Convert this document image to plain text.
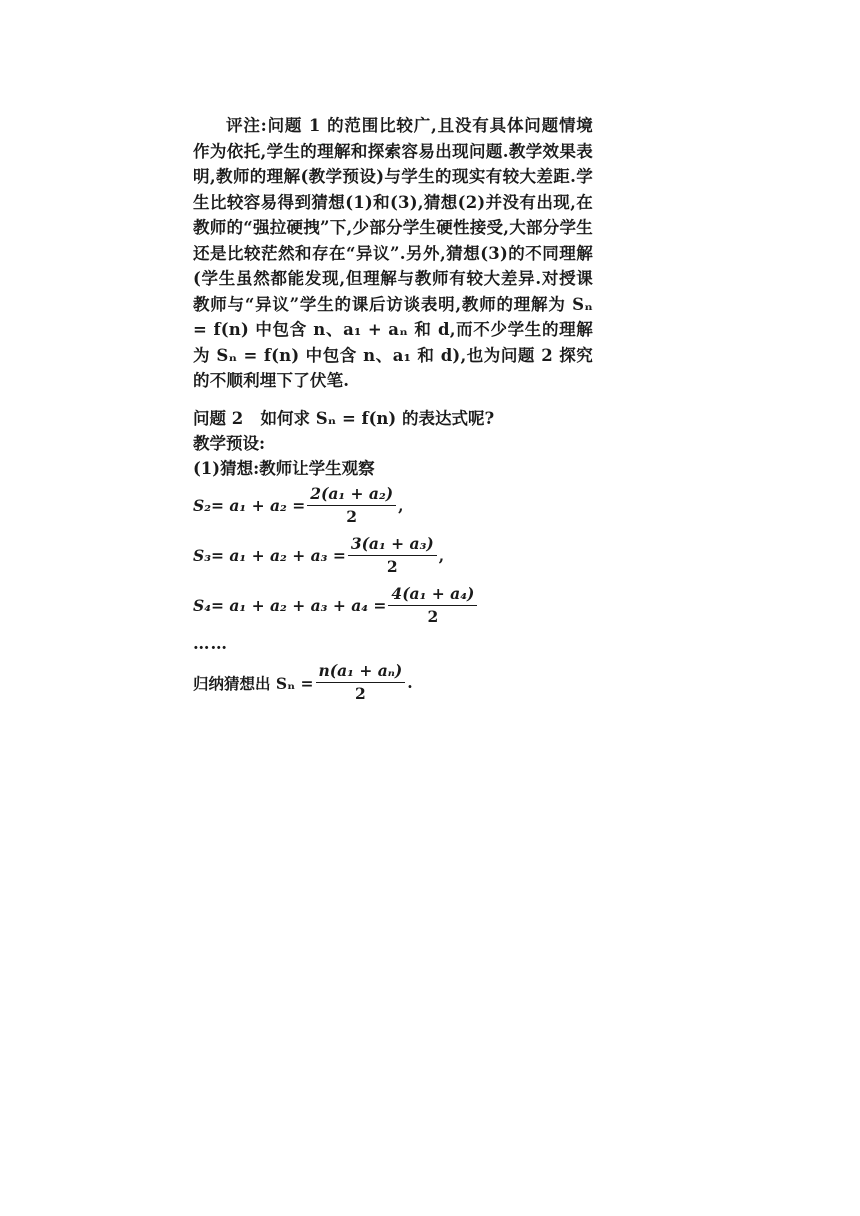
评注:问题 1 的范围比较广,且没有具体问题情境作为依托,学生的理解和探索容易出现问题.教学效果表明,教师的理解(教学预设)与学生的现实有较大差距.学生比较容易得到猜想(1)和(3),猜想(2)并没有出现,在教师的“强拉硬拽”下,少部分学生硬性接受,大部分学生还是比较茫然和存在“异议”.另外,猜想(3)的不同理解(学生虽然都能发现,但理解与教师有较大差异.对授课教师与“异议”学生的课后访谈表明,教师的理解为 Sₙ = f(n) 中包含 n、a₁ + aₙ 和 d,而不少学生的理解为 Sₙ = f(n) 中包含 n、a₁ 和 d),也为问题 2 探究的不顺利埋下了伏笔.

问题 2 如何求 Sₙ = f(n) 的表达式呢?

教学预设:

(1)猜想:教师让学生观察

$S_2 = a_1 + a_2 = \frac{\text{2(a₁ + a₂)}}{2}$ ,
$S_3 = a_1 + a_2 + a_3 = \frac{\text{3(a₁ + a₃)}}{2}$ ,
$S_4 = a_1 + a_2 + a_3 + a_4 = \frac{\text{4(a₁ + a₄)}}{2}$

……

归纳猜想出 $S_n = \frac{\text{n(a₁ + aₙ)}}{2}$ .
